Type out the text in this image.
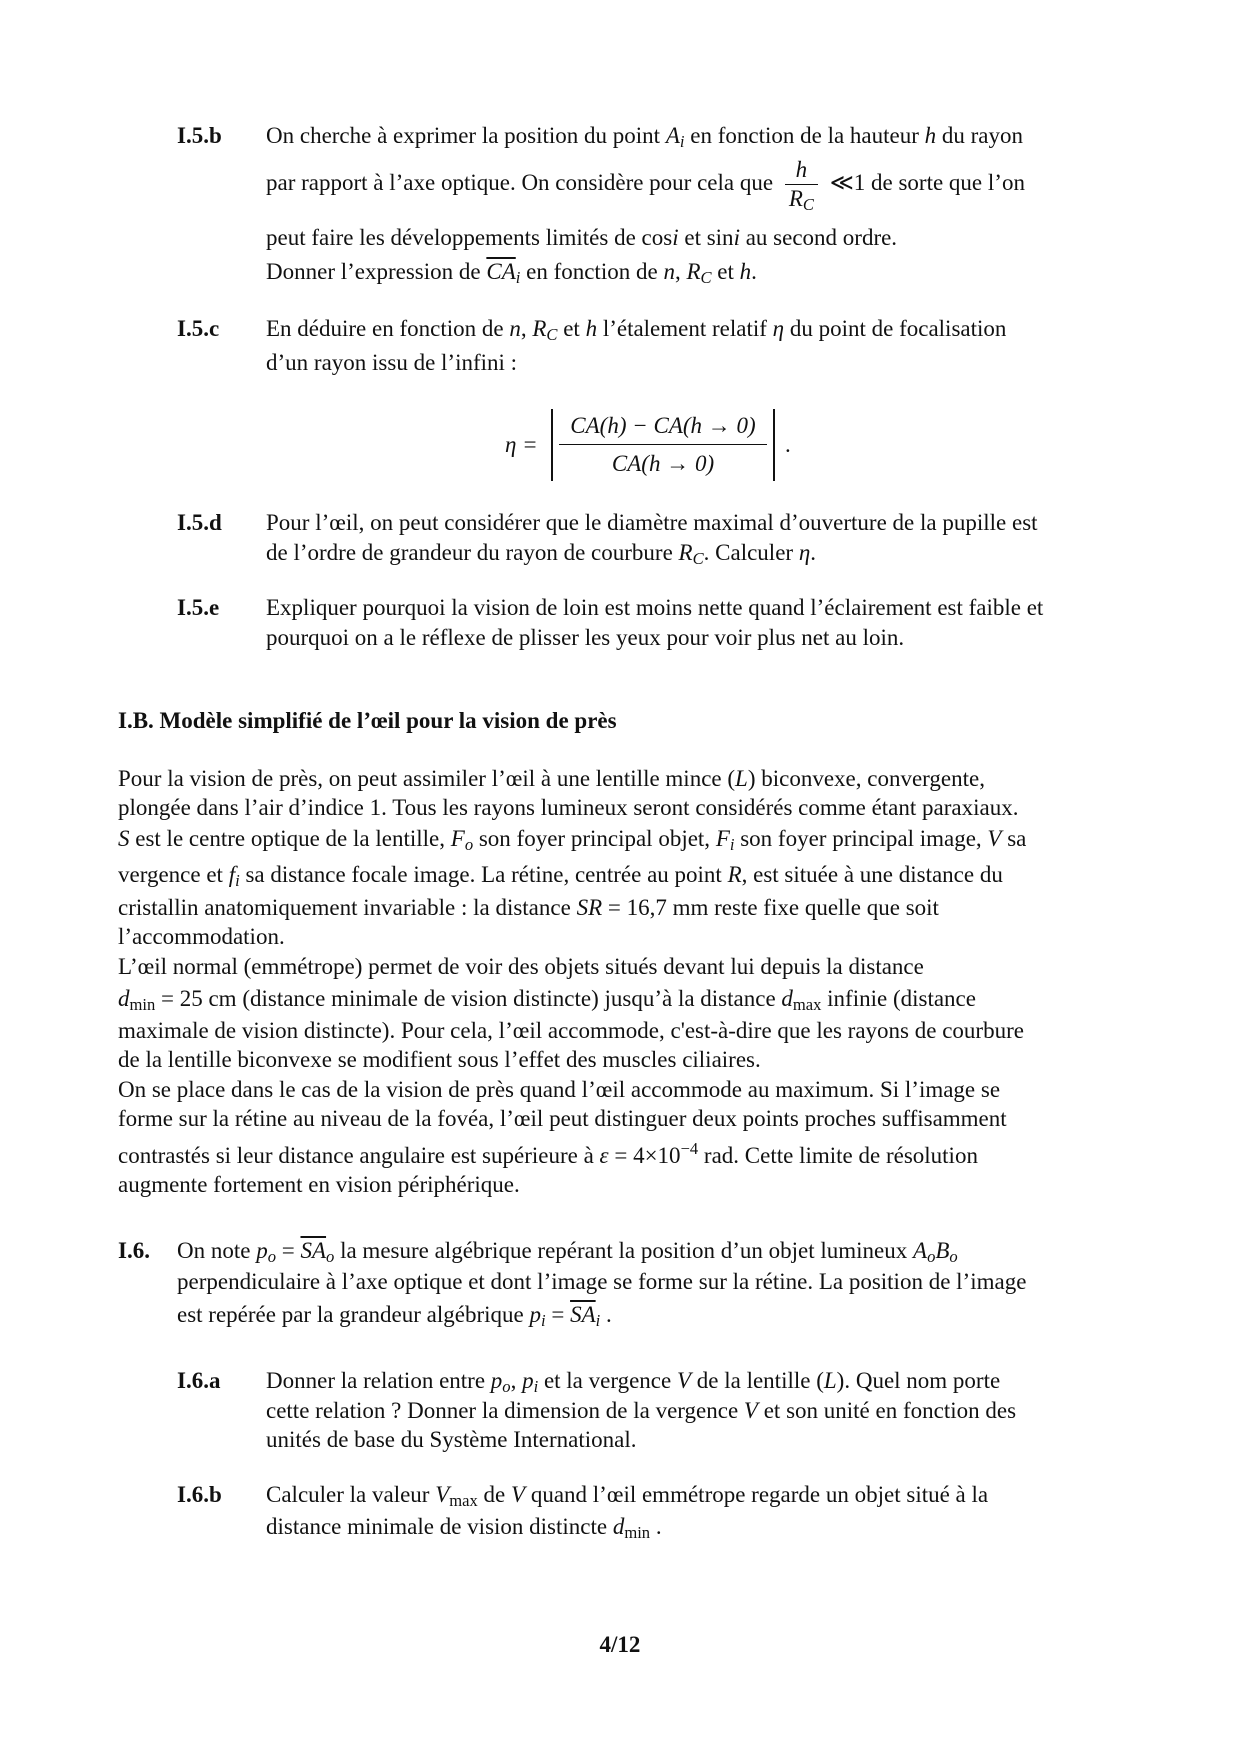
I.5.b On cherche à exprimer la position du point $A_i$ en fonction de la hauteur h du rayon
par rapport à l’axe optique. On considère pour cela que $\frac{h}{R_C}$ ≪1 de sorte que l’on
peut faire les développements limités de cosi et sini au second ordre.
Donner l’expression de $\overline{CA}_i$ en fonction de n, $R_C$ et h.
I.5.c En déduire en fonction de n, $R_C$ et h l’étalement relatif η du point de focalisation
d’un rayon issu de l’infini :
η =
CA(h) − CA(h → 0)
CA(h → 0)
.
I.5.d Pour l’œil, on peut considérer que le diamètre maximal d’ouverture de la pupille est
de l’ordre de grandeur du rayon de courbure $R_C$. Calculer η.
I.5.e Expliquer pourquoi la vision de loin est moins nette quand l’éclairement est faible et
pourquoi on a le réflexe de plisser les yeux pour voir plus net au loin.
I.B. Modèle simplifié de l’œil pour la vision de près
Pour la vision de près, on peut assimiler l’œil à une lentille mince (L) biconvexe, convergente,
plongée dans l’air d’indice 1. Tous les rayons lumineux seront considérés comme étant paraxiaux.
S est le centre optique de la lentille, $F_o$ son foyer principal objet, $F_i$ son foyer principal image, V sa
vergence et $f_i$ sa distance focale image. La rétine, centrée au point R, est située à une distance du
cristallin anatomiquement invariable : la distance SR = 16,7 mm reste fixe quelle que soit
l’accommodation.
L’œil normal (emmétrope) permet de voir des objets situés devant lui depuis la distance
$d_{min} = 25$ cm (distance minimale de vision distincte) jusqu’à la distance $d_{max}$ infinie (distance
maximale de vision distincte). Pour cela, l’œil accommode, c'est-à-dire que les rayons de courbure
de la lentille biconvexe se modifient sous l’effet des muscles ciliaires.
On se place dans le cas de la vision de près quand l’œil accommode au maximum. Si l’image se
forme sur la rétine au niveau de la fovéa, l’œil peut distinguer deux points proches suffisamment
contrastés si leur distance angulaire est supérieure à $\varepsilon = 4\times 10^{-4}$ rad. Cette limite de résolution
augmente fortement en vision périphérique.
I.6. On note $p_o = \overline{SA}_o$ la mesure algébrique repérant la position d’un objet lumineux $A_oB_o$
perpendiculaire à l’axe optique et dont l’image se forme sur la rétine. La position de l’image
est repérée par la grandeur algébrique $p_i = \overline{SA}_i$ .
I.6.a Donner la relation entre $p_o$, $p_i$ et la vergence V de la lentille (L). Quel nom porte
cette relation ? Donner la dimension de la vergence V et son unité en fonction des
unités de base du Système International.
I.6.b Calculer la valeur $V_{max}$ de V quand l’œil emmétrope regarde un objet situé à la
distance minimale de vision distincte $d_{min}$ .
4/12
